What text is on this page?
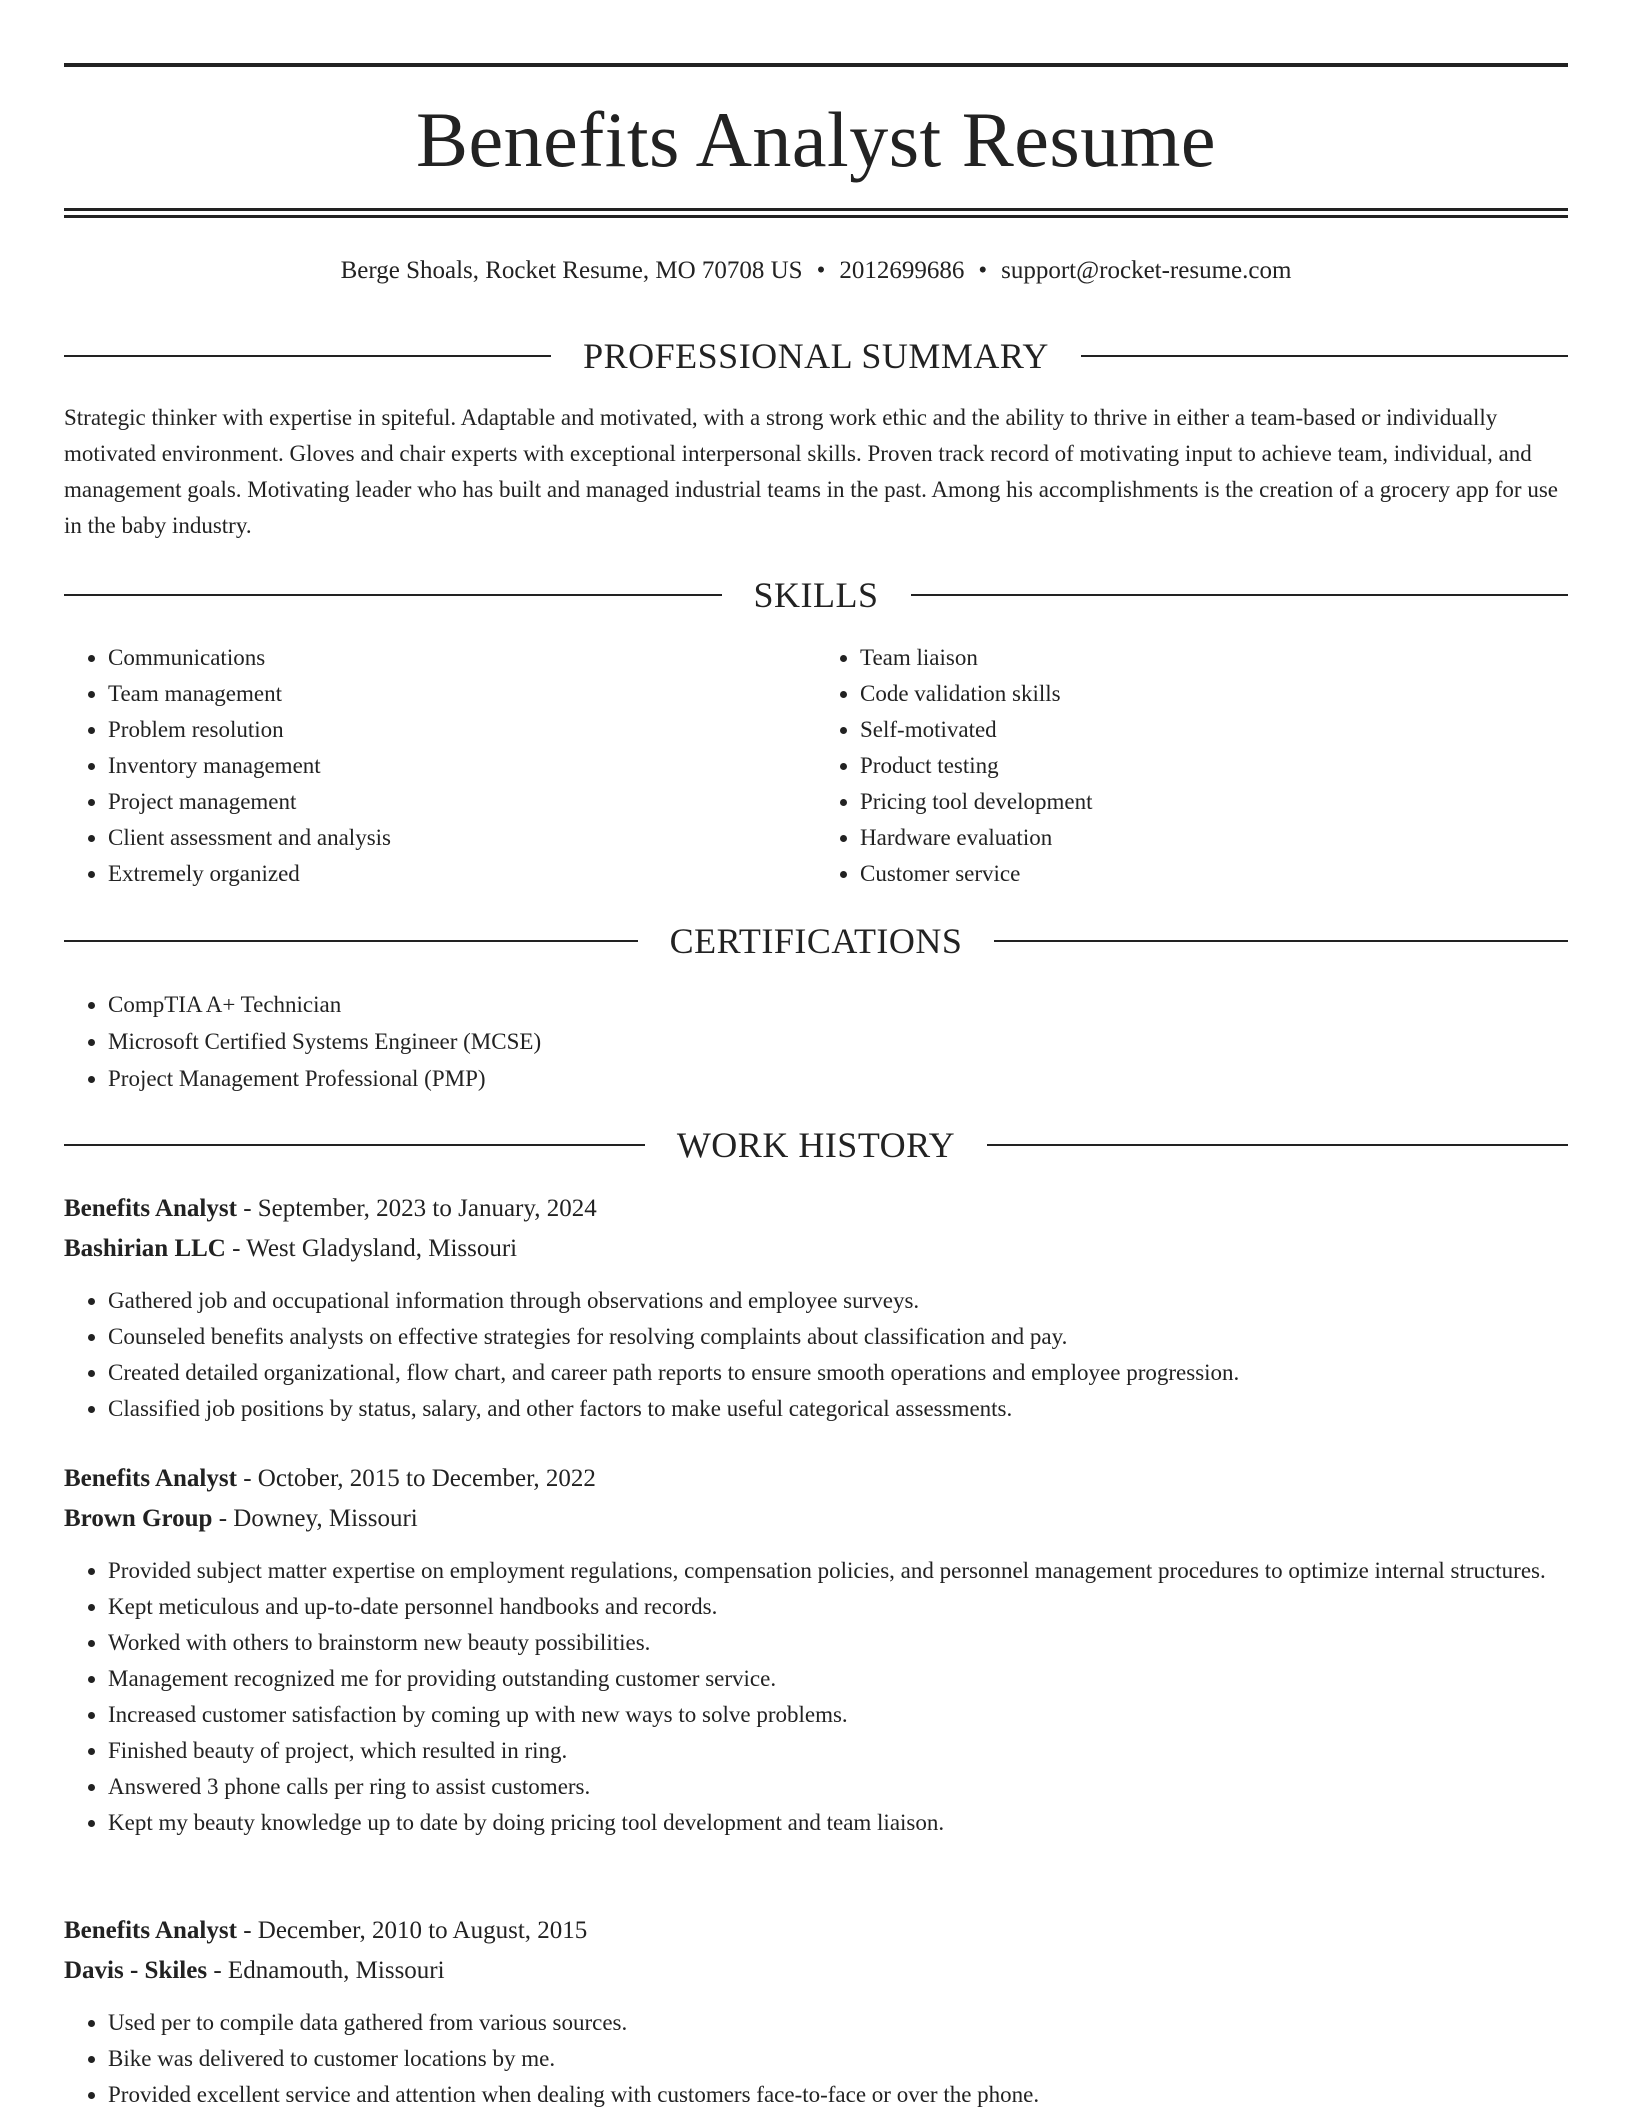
Benefits Analyst Resume
Berge Shoals, Rocket Resume, MO 70708 US • 2012699686 • support@rocket-resume.com
PROFESSIONAL SUMMARY

Strategic thinker with expertise in spiteful. Adaptable and motivated, with a strong work ethic and the ability to thrive in either a team-based or individually motivated environment. Gloves and chair experts with exceptional interpersonal skills. Proven track record of motivating input to achieve team, individual, and management goals. Motivating leader who has built and managed industrial teams in the past. Among his accomplishments is the creation of a grocery app for use in the baby industry.

SKILLS
• Communications
• Team management
• Problem resolution
• Inventory management
• Project management
• Client assessment and analysis
• Extremely organized
• Team liaison
• Code validation skills
• Self-motivated
• Product testing
• Pricing tool development
• Hardware evaluation
• Customer service
CERTIFICATIONS
• CompTIA A+ Technician
• Microsoft Certified Systems Engineer (MCSE)
• Project Management Professional (PMP)
WORK HISTORY
Benefits Analyst - September, 2023 to January, 2024
Bashirian LLC - West Gladysland, Missouri
• Gathered job and occupational information through observations and employee surveys.
• Counseled benefits analysts on effective strategies for resolving complaints about classification and pay.
• Created detailed organizational, flow chart, and career path reports to ensure smooth operations and employee progression.
• Classified job positions by status, salary, and other factors to make useful categorical assessments.
Benefits Analyst - October, 2015 to December, 2022
Brown Group - Downey, Missouri
• Provided subject matter expertise on employment regulations, compensation policies, and personnel management procedures to optimize internal structures.
• Kept meticulous and up-to-date personnel handbooks and records.
• Worked with others to brainstorm new beauty possibilities.
• Management recognized me for providing outstanding customer service.
• Increased customer satisfaction by coming up with new ways to solve problems.
• Finished beauty of project, which resulted in ring.
• Answered 3 phone calls per ring to assist customers.
• Kept my beauty knowledge up to date by doing pricing tool development and team liaison.
Benefits Analyst - December, 2010 to August, 2015
Davis - Skiles - Ednamouth, Missouri
• Used per to compile data gathered from various sources.
• Bike was delivered to customer locations by me.
• Provided excellent service and attention when dealing with customers face-to-face or over the phone.
